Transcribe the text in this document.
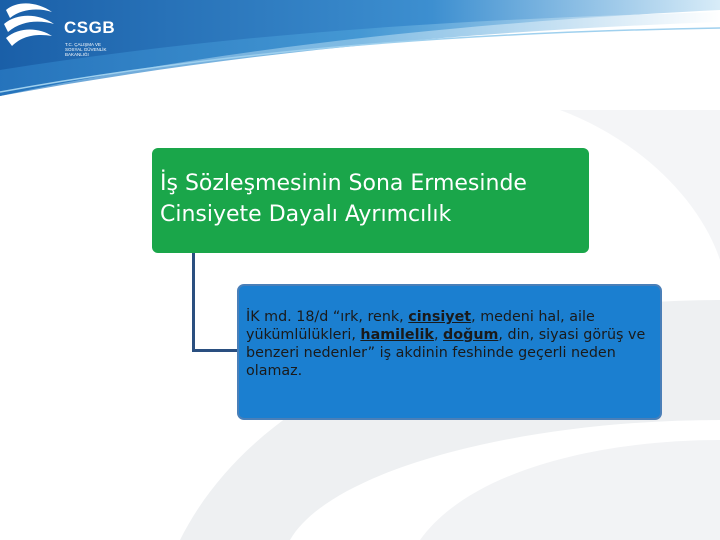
CSGB
T.C. ÇALIŞMA VE SOSYAL GÜVENLİK BAKANLIĞI
İş Sözleşmesinin Sona Ermesinde Cinsiyete Dayalı Ayrımcılık
İK md. 18/d “ırk, renk, cinsiyet, medeni hal, aile yükümlülükleri, hamilelik, doğum, din, siyasi görüş ve benzeri nedenler” iş akdinin feshinde geçerli neden olamaz.
